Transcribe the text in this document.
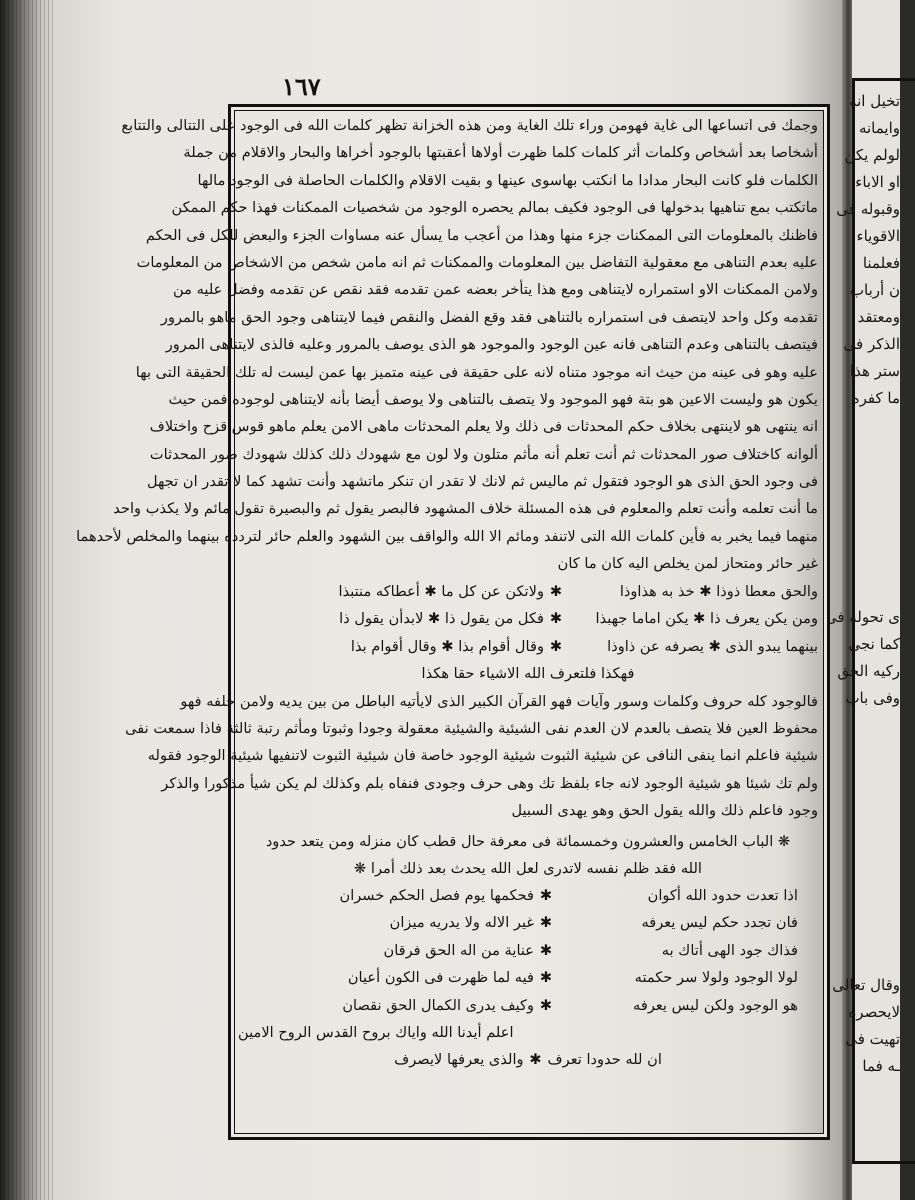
تخيل انه
وايمانه
لولم يكن
او الاباء
وقبوله فى
الاقوياء
فعلمنا
ن أرباب
ومعتقد
الذكر فى
ستر هذا
ما كفره
ى تحوله فى
كما نجى
ركيه الحق
وفى باب
وقال تعالى
لايحصره
تهيت فى
ـه فما
١٦٧
وجمك فى اتساعها الى غاية فهومن وراء تلك الغاية ومن هذه الخزانة تظهر كلمات الله فى الوجود على التتالى والتتابع
أشخاصا بعد أشخاص وكلمات أثر كلمات كلما ظهرت أولاها أعقبتها بالوجود أخراها والبحار والاقلام من جملة
الكلمات فلو كانت البحار مدادا ما انكتب بهاسوى عينها و بقيت الاقلام والكلمات الحاصلة فى الوجود مالها
ماتكتب بمع تناهيها بدخولها فى الوجود فكيف بمالم يحصره الوجود من شخصيات الممكنات فهذا حكم الممكن
فاظنك بالمعلومات التى الممكنات جزء منها وهذا من أعجب ما يسأل عنه مساوات الجزء والبعض للكل فى الحكم
عليه بعدم التناهى مع معقولية التفاضل بين المعلومات والممكنات ثم انه مامن شخص من الاشخاص من المعلومات
ولامن الممكنات الاو استمراره لايتناهى ومع هذا يتأخر بعضه عمن تقدمه فقد نقص عن تقدمه وفضل عليه من
تقدمه وكل واحد لايتصف فى استمراره بالتناهى فقد وقع الفضل والنقص فيما لايتناهى وجود الحق ماهو بالمرور
فيتصف بالتناهى وعدم التناهى فانه عين الوجود والموجود هو الذى يوصف بالمرور وعليه فالذى لايتناهى المرور
عليه وهو فى عينه من حيث انه موجود متناه لانه على حقيقة فى عينه متميز بها عمن ليست له تلك الحقيقة التى بها
يكون هو وليست الاعين هو بتة فهو الموجود ولا يتصف بالتناهى ولا يوصف أيضا بأنه لايتناهى لوجوده فمن حيث
انه ينتهى هو لاينتهى بخلاف حكم المحدثات فى ذلك ولا يعلم المحدثات ماهى الامن يعلم ماهو قوس قزح واختلاف
ألوانه كاختلاف صور المحدثات ثم أنت تعلم أنه مأثم متلون ولا لون مع شهودك ذلك كذلك شهودك صور المحدثات
فى وجود الحق الذى هو الوجود فتقول ثم ماليس ثم لانك لا تقدر ان تنكر ماتشهد وأنت تشهد كما لا تقدر ان تجهل
ما أنت تعلمه وأنت تعلم والمعلوم فى هذه المسئلة خلاف المشهود فالبصر يقول ثم والبصيرة تقول مائم ولا يكذب واحد
منهما فيما يخبر به فأين كلمات الله التى لاتنفد ومائم الا الله والواقف بين الشهود والعلم حائر لتردده بينهما والمخلص لأحدهما
غير حائر ومتحاز لمن يخلص اليه كان ما كان
والحق معطا ذوذا ✱ خذ به هذاوذا
✱
ولاتكن عن كل ما ✱ أعطاكه منتبذا
ومن يكن يعرف ذا ✱ يكن اماما جهبذا
✱
فكل من يقول ذا ✱ لابدأن يقول ذا
بينهما يبدو الذى ✱ يصرفه عن ذاوذا
✱
وقال أقوام بذا ✱ وقال أقوام بذا
فهكذا فلتعرف الله الاشياء حقا هكذا
فالوجود كله حروف وكلمات وسور وآيات فهو القرآن الكبير الذى لايأتيه الباطل من بين يديه ولامن خلفه فهو
محفوظ العين فلا يتصف بالعدم لان العدم نفى الشيئية والشيئية معقولة وجودا وثبوتا ومأثم رتبة ثالثة فاذا سمعت نفى
شيئية فاعلم انما ينفى النافى عن شيئية الثبوت شيئية الوجود خاصة فان شيئية الثبوت لاتنفيها شيئية الوجود فقوله
ولم تك شيئا هو شيئية الوجود لانه جاء بلفظ تك وهى حرف وجودى فنفاه بلم وكذلك لم يكن شيأ مذكورا والذكر
وجود فاعلم ذلك والله يقول الحق وهو يهدى السبيل
❋ الباب الخامس والعشرون وخمسمائة فى معرفة حال قطب كان منزله ومن يتعد حدود
الله فقد ظلم نفسه لاتدرى لعل الله يحدث بعد ذلك أمرا ❋
اذا تعدت حدود الله أكوان
✱
فحكمها يوم فصل الحكم خسران
فان تجدد حكم ليس يعرفه
✱
غير الاله ولا يدريه ميزان
فذاك جود الهى أتاك به
✱
عناية من اله الحق فرقان
لولا الوجود ولولا سر حكمته
✱
فيه لما ظهرت فى الكون أعيان
هو الوجود ولكن ليس يعرفه
✱
وكيف يدرى الكمال الحق نقصان
اعلم أيدنا الله واياك بروح القدس الروح الامين
ان لله حدودا تعرف
✱
والذى يعرفها لايصرف
